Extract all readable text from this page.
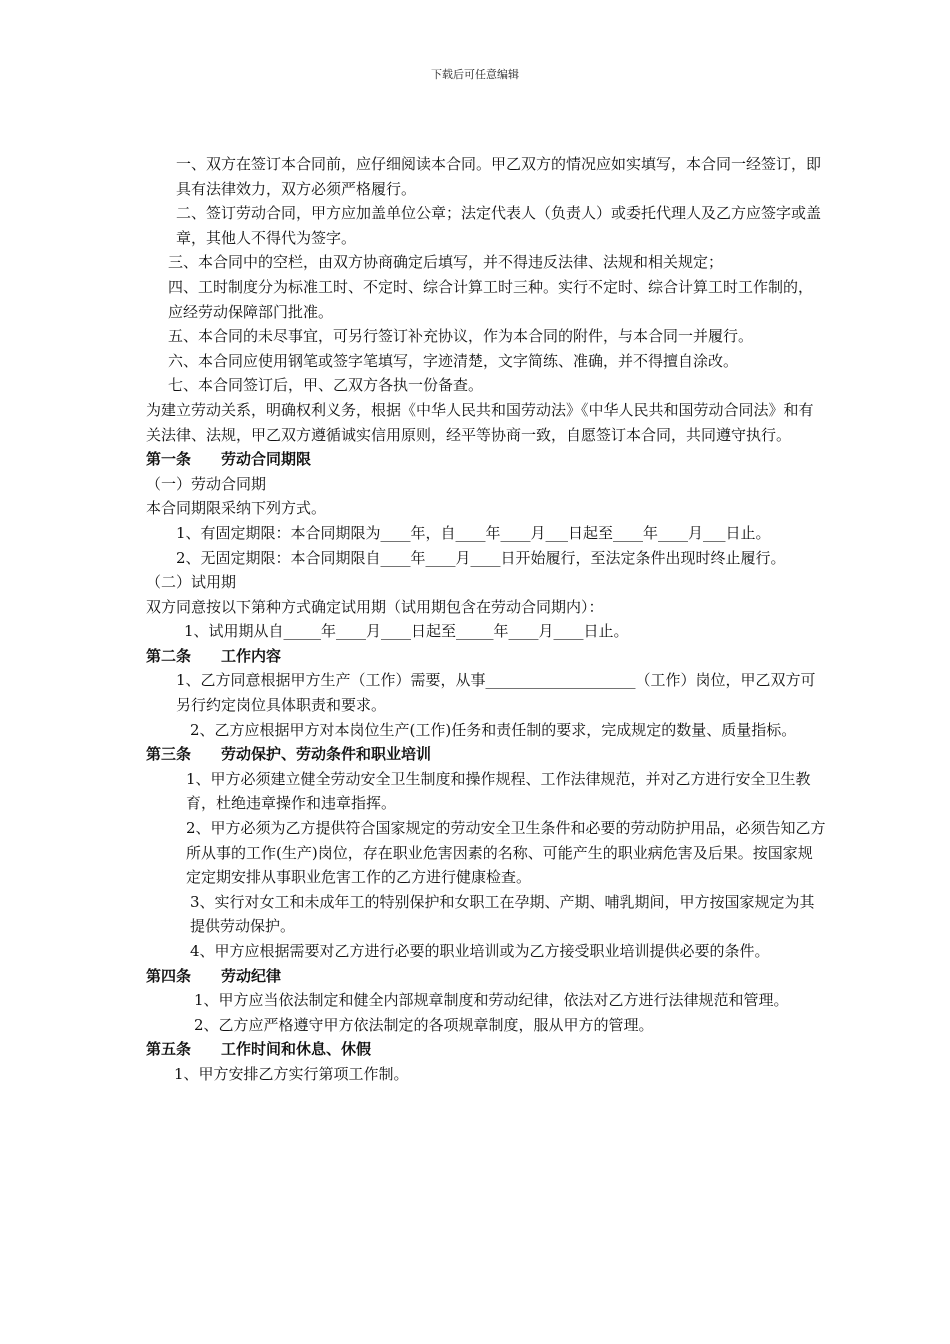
下载后可任意编辑

一、双方在签订本合同前，应仔细阅读本合同。甲乙双方的情况应如实填写，本合同一经签订，即具有法律效力，双方必须严格履行。

二、签订劳动合同，甲方应加盖单位公章；法定代表人（负责人）或委托代理人及乙方应签字或盖章，其他人不得代为签字。

三、本合同中的空栏，由双方协商确定后填写，并不得违反法律、法规和相关规定；

四、工时制度分为标准工时、不定时、综合计算工时三种。实行不定时、综合计算工时工作制的，应经劳动保障部门批准。

五、本合同的未尽事宜，可另行签订补充协议，作为本合同的附件，与本合同一并履行。

六、本合同应使用钢笔或签字笔填写，字迹清楚，文字简练、准确，并不得擅自涂改。

七、本合同签订后，甲、乙双方各执一份备查。

为建立劳动关系，明确权利义务，根据《中华人民共和国劳动法》《中华人民共和国劳动合同法》和有关法律、法规，甲乙双方遵循诚实信用原则，经平等协商一致，自愿签订本合同，共同遵守执行。

第一条 劳动合同期限

（一）劳动合同期

本合同期限采纳下列方式。

1、有固定期限：本合同期限为____年，自____年____月___日起至____年____月___日止。

2、无固定期限：本合同期限自____年____月____日开始履行，至法定条件出现时终止履行。

（二）试用期

双方同意按以下第种方式确定试用期（试用期包含在劳动合同期内）：

1、试用期从自_____年____月____日起至_____年____月____日止。

第二条 工作内容

1、乙方同意根据甲方生产（工作）需要，从事____________________（工作）岗位，甲乙双方可另行约定岗位具体职责和要求。

2、乙方应根据甲方对本岗位生产(工作)任务和责任制的要求，完成规定的数量、质量指标。

第三条 劳动保护、劳动条件和职业培训

1、甲方必须建立健全劳动安全卫生制度和操作规程、工作法律规范，并对乙方进行安全卫生教育，杜绝违章操作和违章指挥。

2、甲方必须为乙方提供符合国家规定的劳动安全卫生条件和必要的劳动防护用品，必须告知乙方所从事的工作(生产)岗位，存在职业危害因素的名称、可能产生的职业病危害及后果。按国家规定定期安排从事职业危害工作的乙方进行健康检查。

3、实行对女工和未成年工的特别保护和女职工在孕期、产期、哺乳期间，甲方按国家规定为其提供劳动保护。

4、甲方应根据需要对乙方进行必要的职业培训或为乙方接受职业培训提供必要的条件。

第四条 劳动纪律

1、甲方应当依法制定和健全内部规章制度和劳动纪律，依法对乙方进行法律规范和管理。

2、乙方应严格遵守甲方依法制定的各项规章制度，服从甲方的管理。

第五条 工作时间和休息、休假

1、甲方安排乙方实行第项工作制。
